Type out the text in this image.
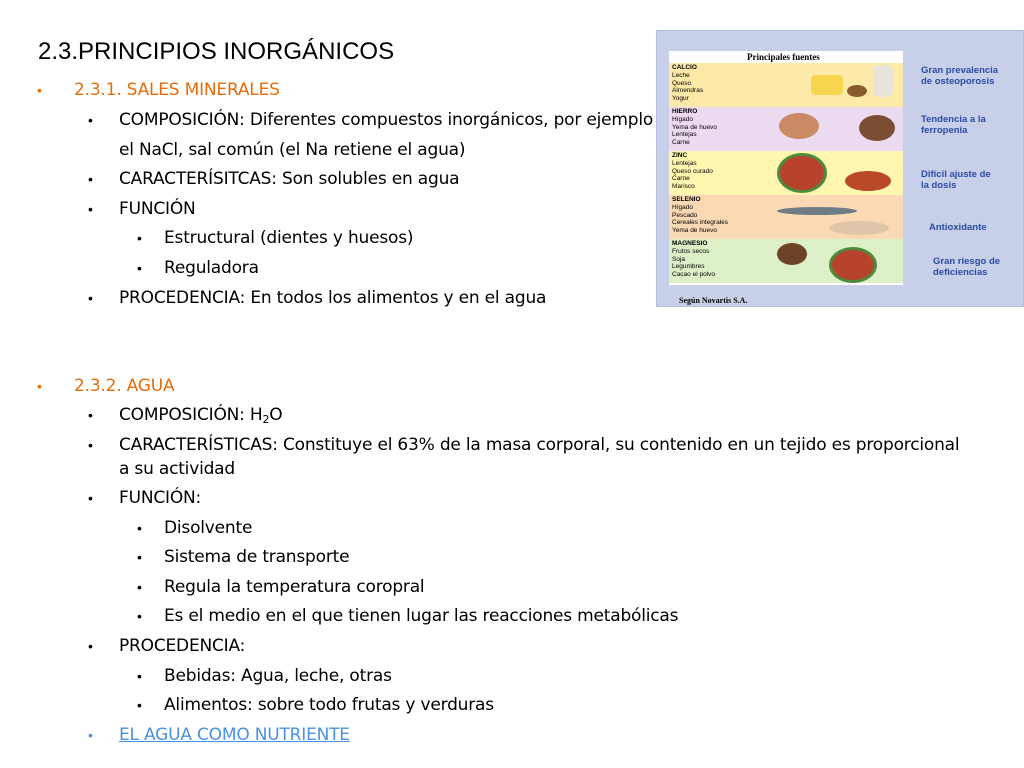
2.3.PRINCIPIOS INORGÁNICOS
• 2.3.1. SALES MINERALES
• COMPOSICIÓN: Diferentes compuestos inorgánicos, por ejemplo
el NaCl, sal común (el Na retiene el agua)
• CARACTERÍSITCAS: Son solubles en agua
• FUNCIÓN
• Estructural (dientes y huesos)
• Reguladora
• PROCEDENCIA: En todos los alimentos y en el agua
• 2.3.2. AGUA
• COMPOSICIÓN: $H_2O$
• CARACTERÍSTICAS: Constituye el 63% de la masa corporal, su contenido en un tejido es proporcional
a su actividad
• FUNCIÓN:
• Disolvente
• Sistema de transporte
• Regula la temperatura coropral
• Es el medio en el que tienen lugar las reacciones metabólicas
• PROCEDENCIA:
• Bebidas: Agua, leche, otras
• Alimentos: sobre todo frutas y verduras
• EL AGUA COMO NUTRIENTE
Principales fuentes
CALCIO
Leche
Queso
Almendras
Yogur
HIERRO
Hígado
Yema de huevo
Lentejas
Carne
ZINC
Lentejas
Queso curado
Carne
Marisco
SELENIO
Hígado
Pescado
Cereales integrales
Yema de huevo
MAGNESIO
Frutos secos
Soja
Legumbres
Cacao el polvo
Gran prevalencia
de osteoporosis
Tendencia a la
ferropenia
Difícil ajuste de
la dosis
Antioxidante
Gran riesgo de
deficiencias
Según Novartis S.A.
